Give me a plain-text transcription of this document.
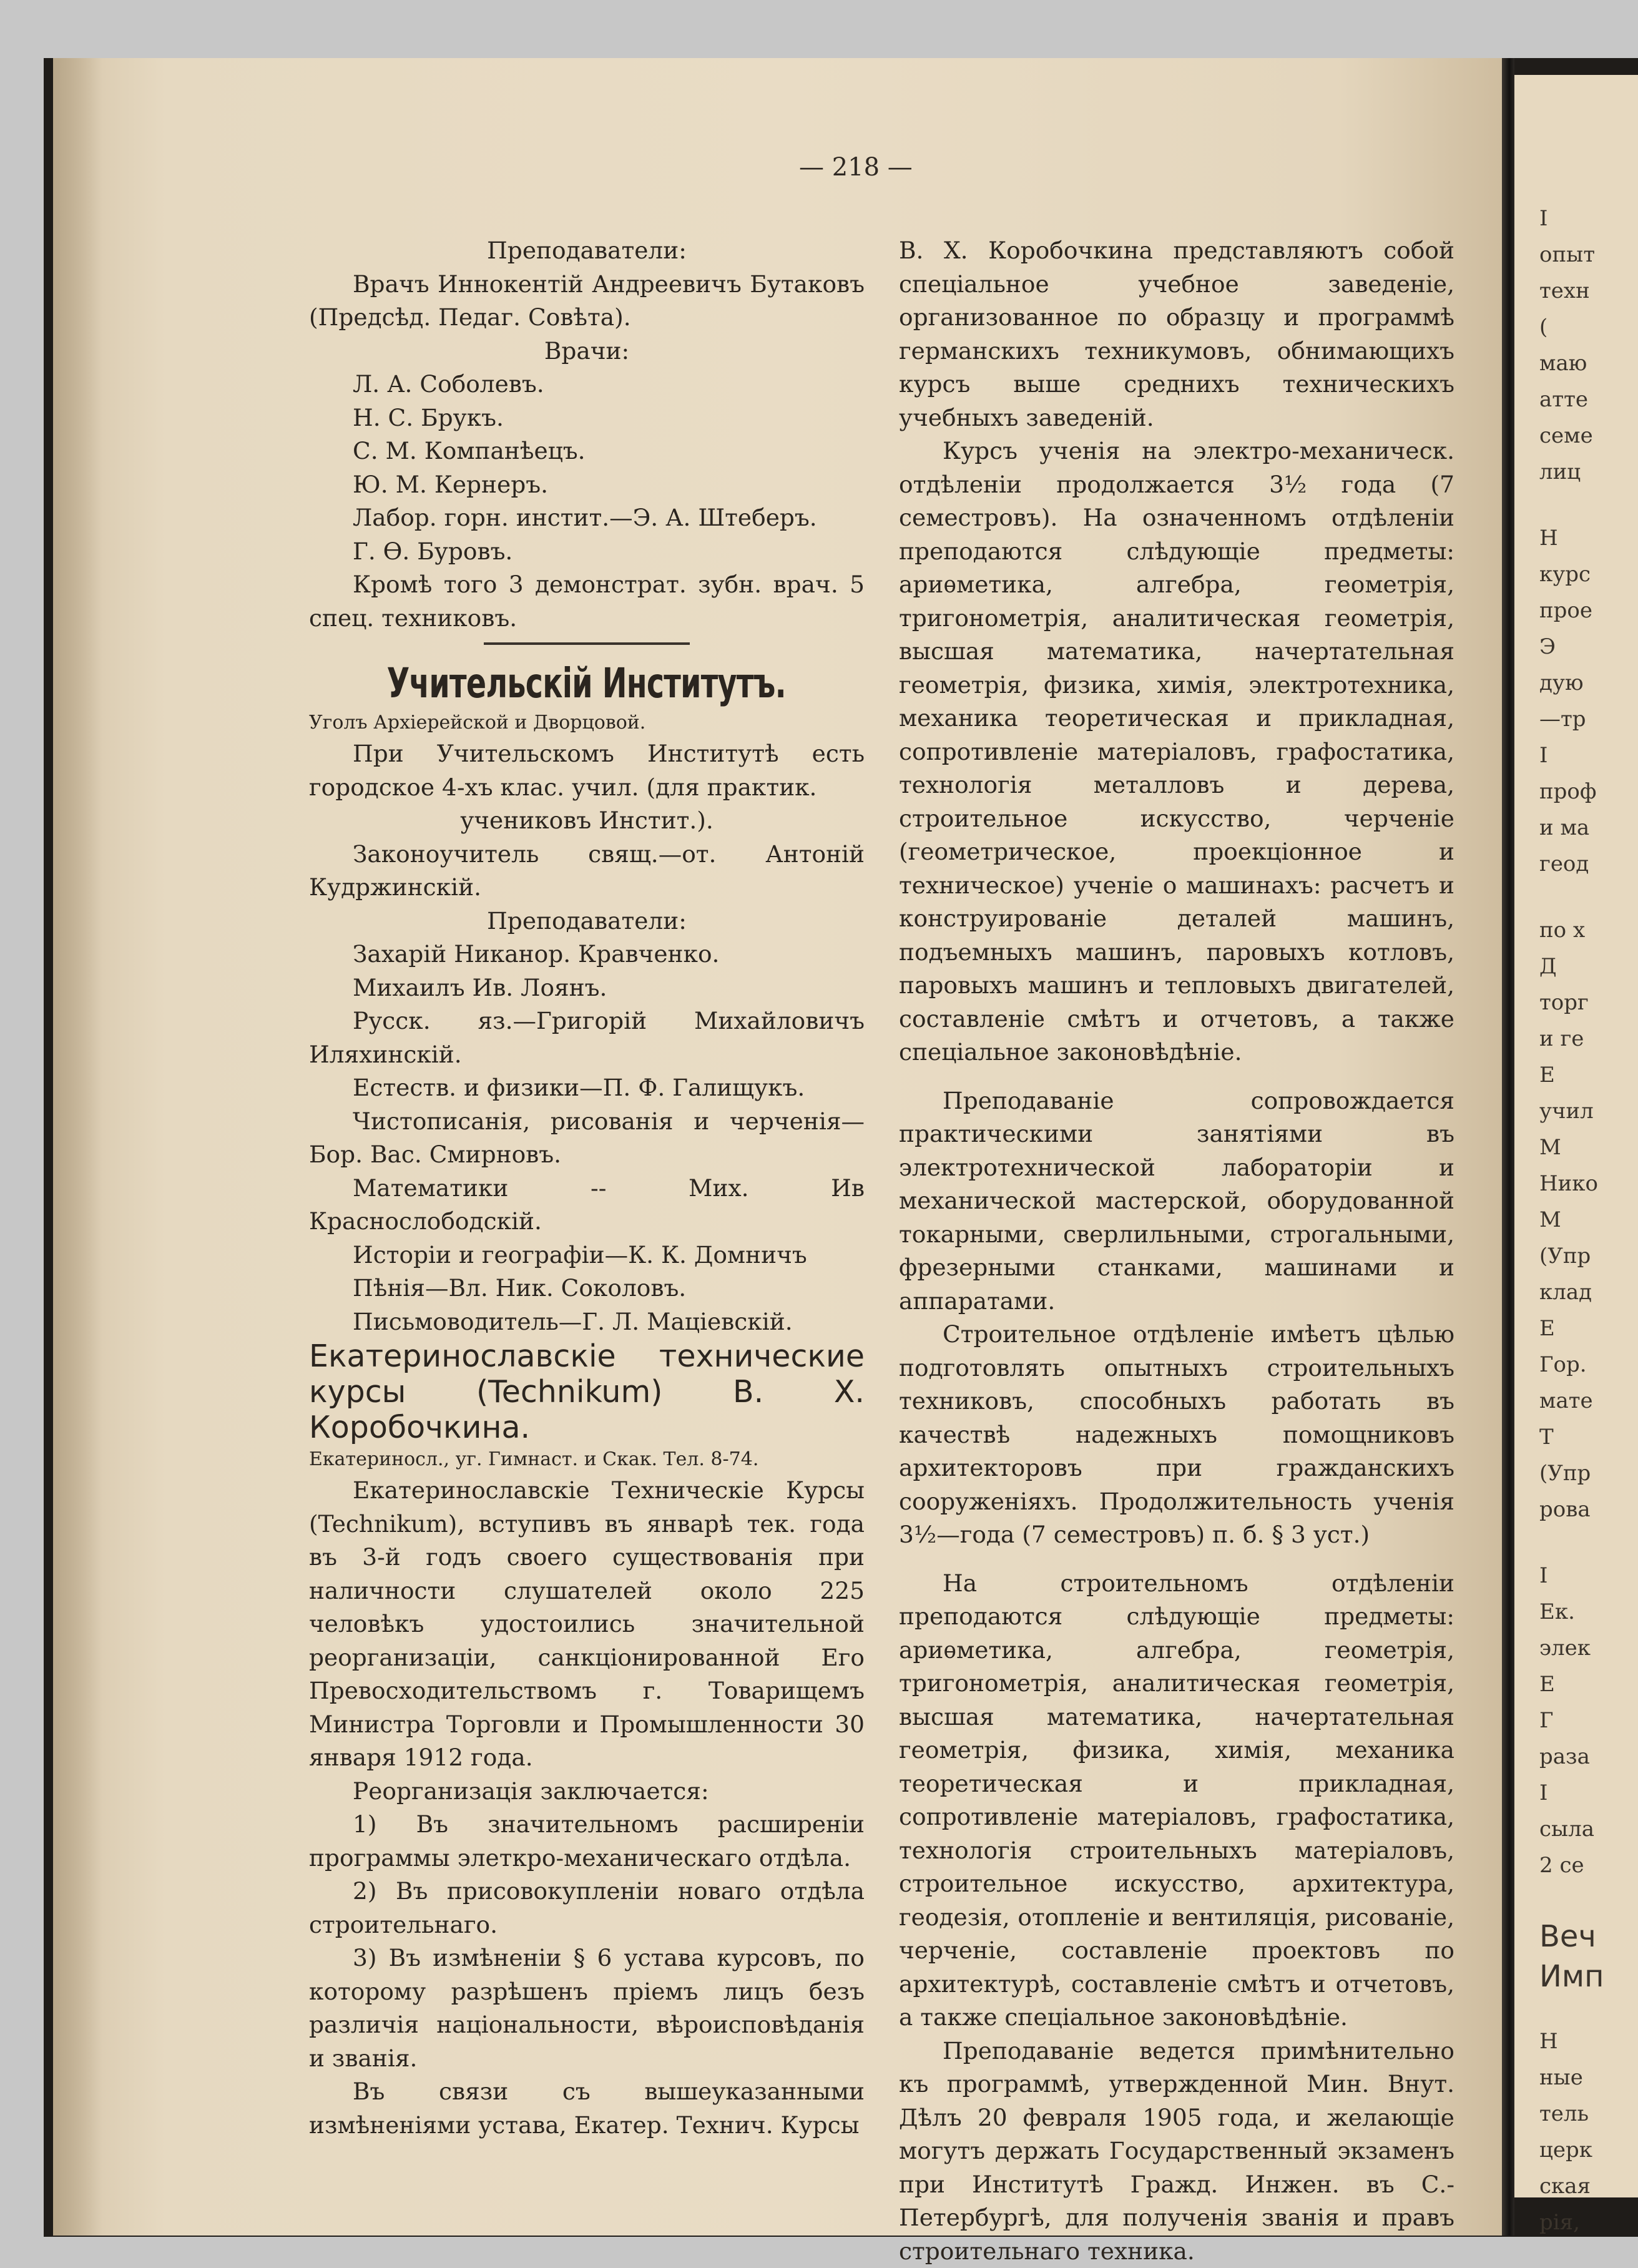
I
опыт
техн
(
маю
атте
семе
лиц
Н
курс
прое
Э
дую
—тр
I
проф
и ма
геод
по х
Д
торг
и ге
Е
учил
М
Нико
М
(Упр
клад
Е
Гор.
мате
Т
(Упр
рова
I
Ек.
элек
Е
Г
раза
I
сыла
2 се
Веч
Имп
Н
ные
тель
церк
ская
рія,
— 218 —

Преподаватели:

Врачъ Иннокентій Андреевичъ Бутаковъ (Предсѣд. Педаг. Совѣта).

Врачи:

Л. А. Соболевъ.

Н. С. Брукъ.

С. М. Компанѣецъ.

Ю. М. Кернеръ.

Лабор. горн. инстит.—Э. А. Штеберъ.

Г. Ѳ. Буровъ.

Кромѣ того 3 демонстрат. зубн. врач. 5 спец. техниковъ.

Учительскій Институтъ.

Уголъ Архіерейской и Дворцовой.

При Учительскомъ Институтѣ есть городское 4-хъ клас. учил. (для практик.

учениковъ Инстит.).

Законоучитель свящ.—от. Антоній Кудржинскій.

Преподаватели:

Захарій Никанор. Кравченко.

Михаилъ Ив. Лоянъ.

Русск. яз.—Григорій Михайловичъ Иляхинскій.

Естеств. и физики—П. Ф. Галищукъ.

Чистописанія, рисованія и черченія—Бор. Вас. Смирновъ.

Математики -- Мих. Ив Краснослободскій.

Исторіи и географіи—К. К. Домничъ

Пѣнія—Вл. Ник. Соколовъ.

Письмоводитель—Г. Л. Маціевскій.

Екатеринославскіе технические курсы (Technikum) В. Х. Коробочкина.

Екатериносл., уг. Гимнаст. и Скак. Тел. 8-74.

Екатеринославскіе Техническіе Курсы (Technikum), вступивъ въ январѣ тек. года въ 3-й годъ своего существованія при наличности слушателей около 225 человѣкъ удостоились значительной реорганизаціи, санкціонированной Его Превосходительствомъ г. Товарищемъ Министра Торговли и Промышленности 30 января 1912 года.

Реорганизація заключается:

1) Въ значительномъ расширеніи программы элеткро-механическаго отдѣла.

2) Въ присовокупленіи новаго отдѣла строительнаго.

3) Въ измѣненіи § 6 устава курсовъ, по которому разрѣшенъ пріемъ лицъ безъ различія національности, вѣроисповѣданія и званія.

Въ связи съ вышеуказанными измѣненіями устава, Екатер. Технич. Курсы

В. Х. Коробочкина представляютъ собой спеціальное учебное заведеніе, организованное по образцу и программѣ германскихъ техникумовъ, обнимающихъ курсъ выше среднихъ техническихъ учебныхъ заведеній.

Курсъ ученія на электро-механическ. отдѣленіи продолжается 3½ года (7 семестровъ). На означенномъ отдѣленіи преподаются слѣдующіе предметы: ариѳметика, алгебра, геометрія, тригонометрія, аналитическая геометрія, высшая математика, начертательная геометрія, физика, химія, электротехника, механика теоретическая и прикладная, сопротивленіе матеріаловъ, графостатика, технологія металловъ и дерева, строительное искусство, черченіе (геометрическое, проекціонное и техническое) ученіе о машинахъ: расчетъ и конструированіе деталей машинъ, подъемныхъ машинъ, паровыхъ котловъ, паровыхъ машинъ и тепловыхъ двигателей, составленіе смѣтъ и отчетовъ, а также спеціальное законовѣдѣніе.

Преподаваніе сопровождается практическими занятіями въ электротехнической лабораторіи и механической мастерской, оборудованной токарными, сверлильными, строгальными, фрезерными станками, машинами и аппаратами.

Строительное отдѣленіе имѣетъ цѣлью подготовлять опытныхъ строительныхъ техниковъ, способныхъ работать въ качествѣ надежныхъ помощниковъ архитекторовъ при гражданскихъ сооруженіяхъ. Продолжительность ученія 3½—года (7 семестровъ) п. б. § 3 уст.)

На строительномъ отдѣленіи преподаются слѣдующіе предметы: ариѳметика, алгебра, геометрія, тригонометрія, аналитическая геометрія, высшая математика, начертательная геометрія, физика, химія, механика теоретическая и прикладная, сопротивленіе матеріаловъ, графостатика, технологія строительныхъ матеріаловъ, строительное искусство, архитектура, геодезія, отопленіе и вентиляція, рисованіе, черченіе, составленіе проектовъ по архитектурѣ, составленіе смѣтъ и отчетовъ, а также спеціальное законовѣдѣніе.

Преподаваніе ведется примѣнительно къ программѣ, утвержденной Мин. Внут. Дѣлъ 20 февраля 1905 года, и желающіе могутъ держать Государственный экзаменъ при Институтѣ Гражд. Инжен. въ С.-Петербургѣ, для полученія званія и правъ строительнаго техника.
